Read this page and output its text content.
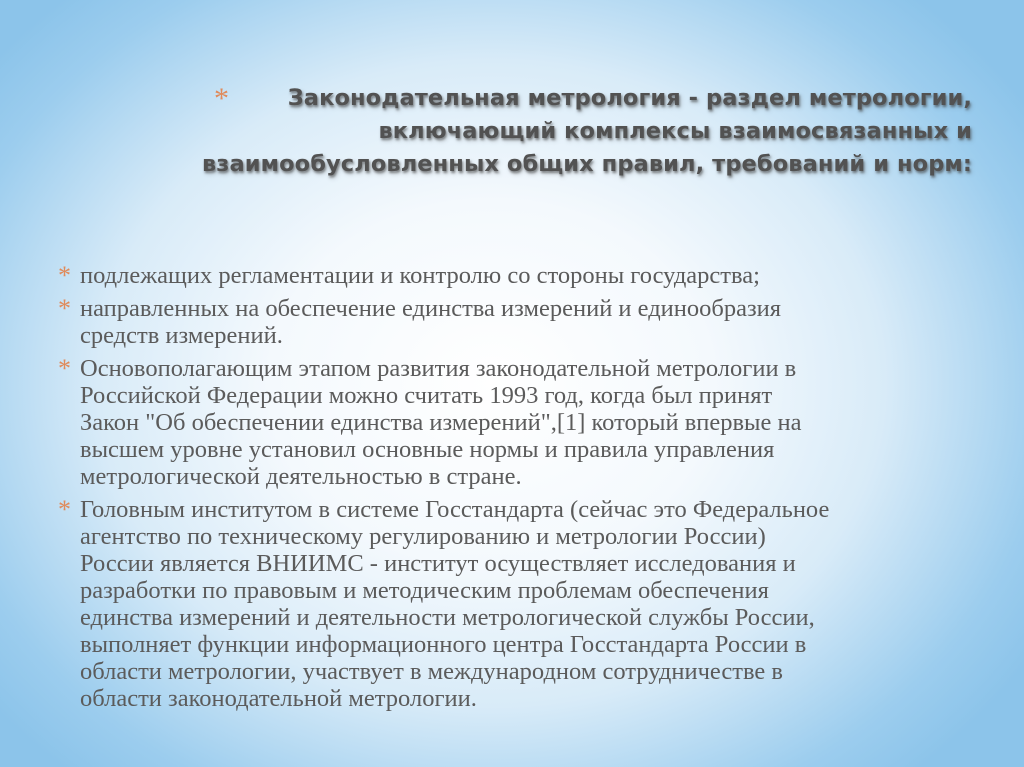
*	Законодательная метрология - раздел метрологии,
включающий комплексы взаимосвязанных и
взаимообусловленных общих правил, требований и норм:
* подлежащих регламентации и контролю со стороны государства;
* направленных на обеспечение единства измерений и единообразия
средств измерений.
* Основополагающим этапом развития законодательной метрологии в
Российской Федерации можно считать 1993 год, когда был принят
Закон "Об обеспечении единства измерений",[1] который впервые на
высшем уровне установил основные нормы и правила управления
метрологической деятельностью в стране.
* Головным институтом в системе Госстандарта (сейчас это Федеральное
агентство по техническому регулированию и метрологии России)
России является ВНИИМС - институт осуществляет исследования и
разработки по правовым и методическим проблемам обеспечения
единства измерений и деятельности метрологической службы России,
выполняет функции информационного центра Госстандарта России в
области метрологии, участвует в международном сотрудничестве в
области законодательной метрологии.
